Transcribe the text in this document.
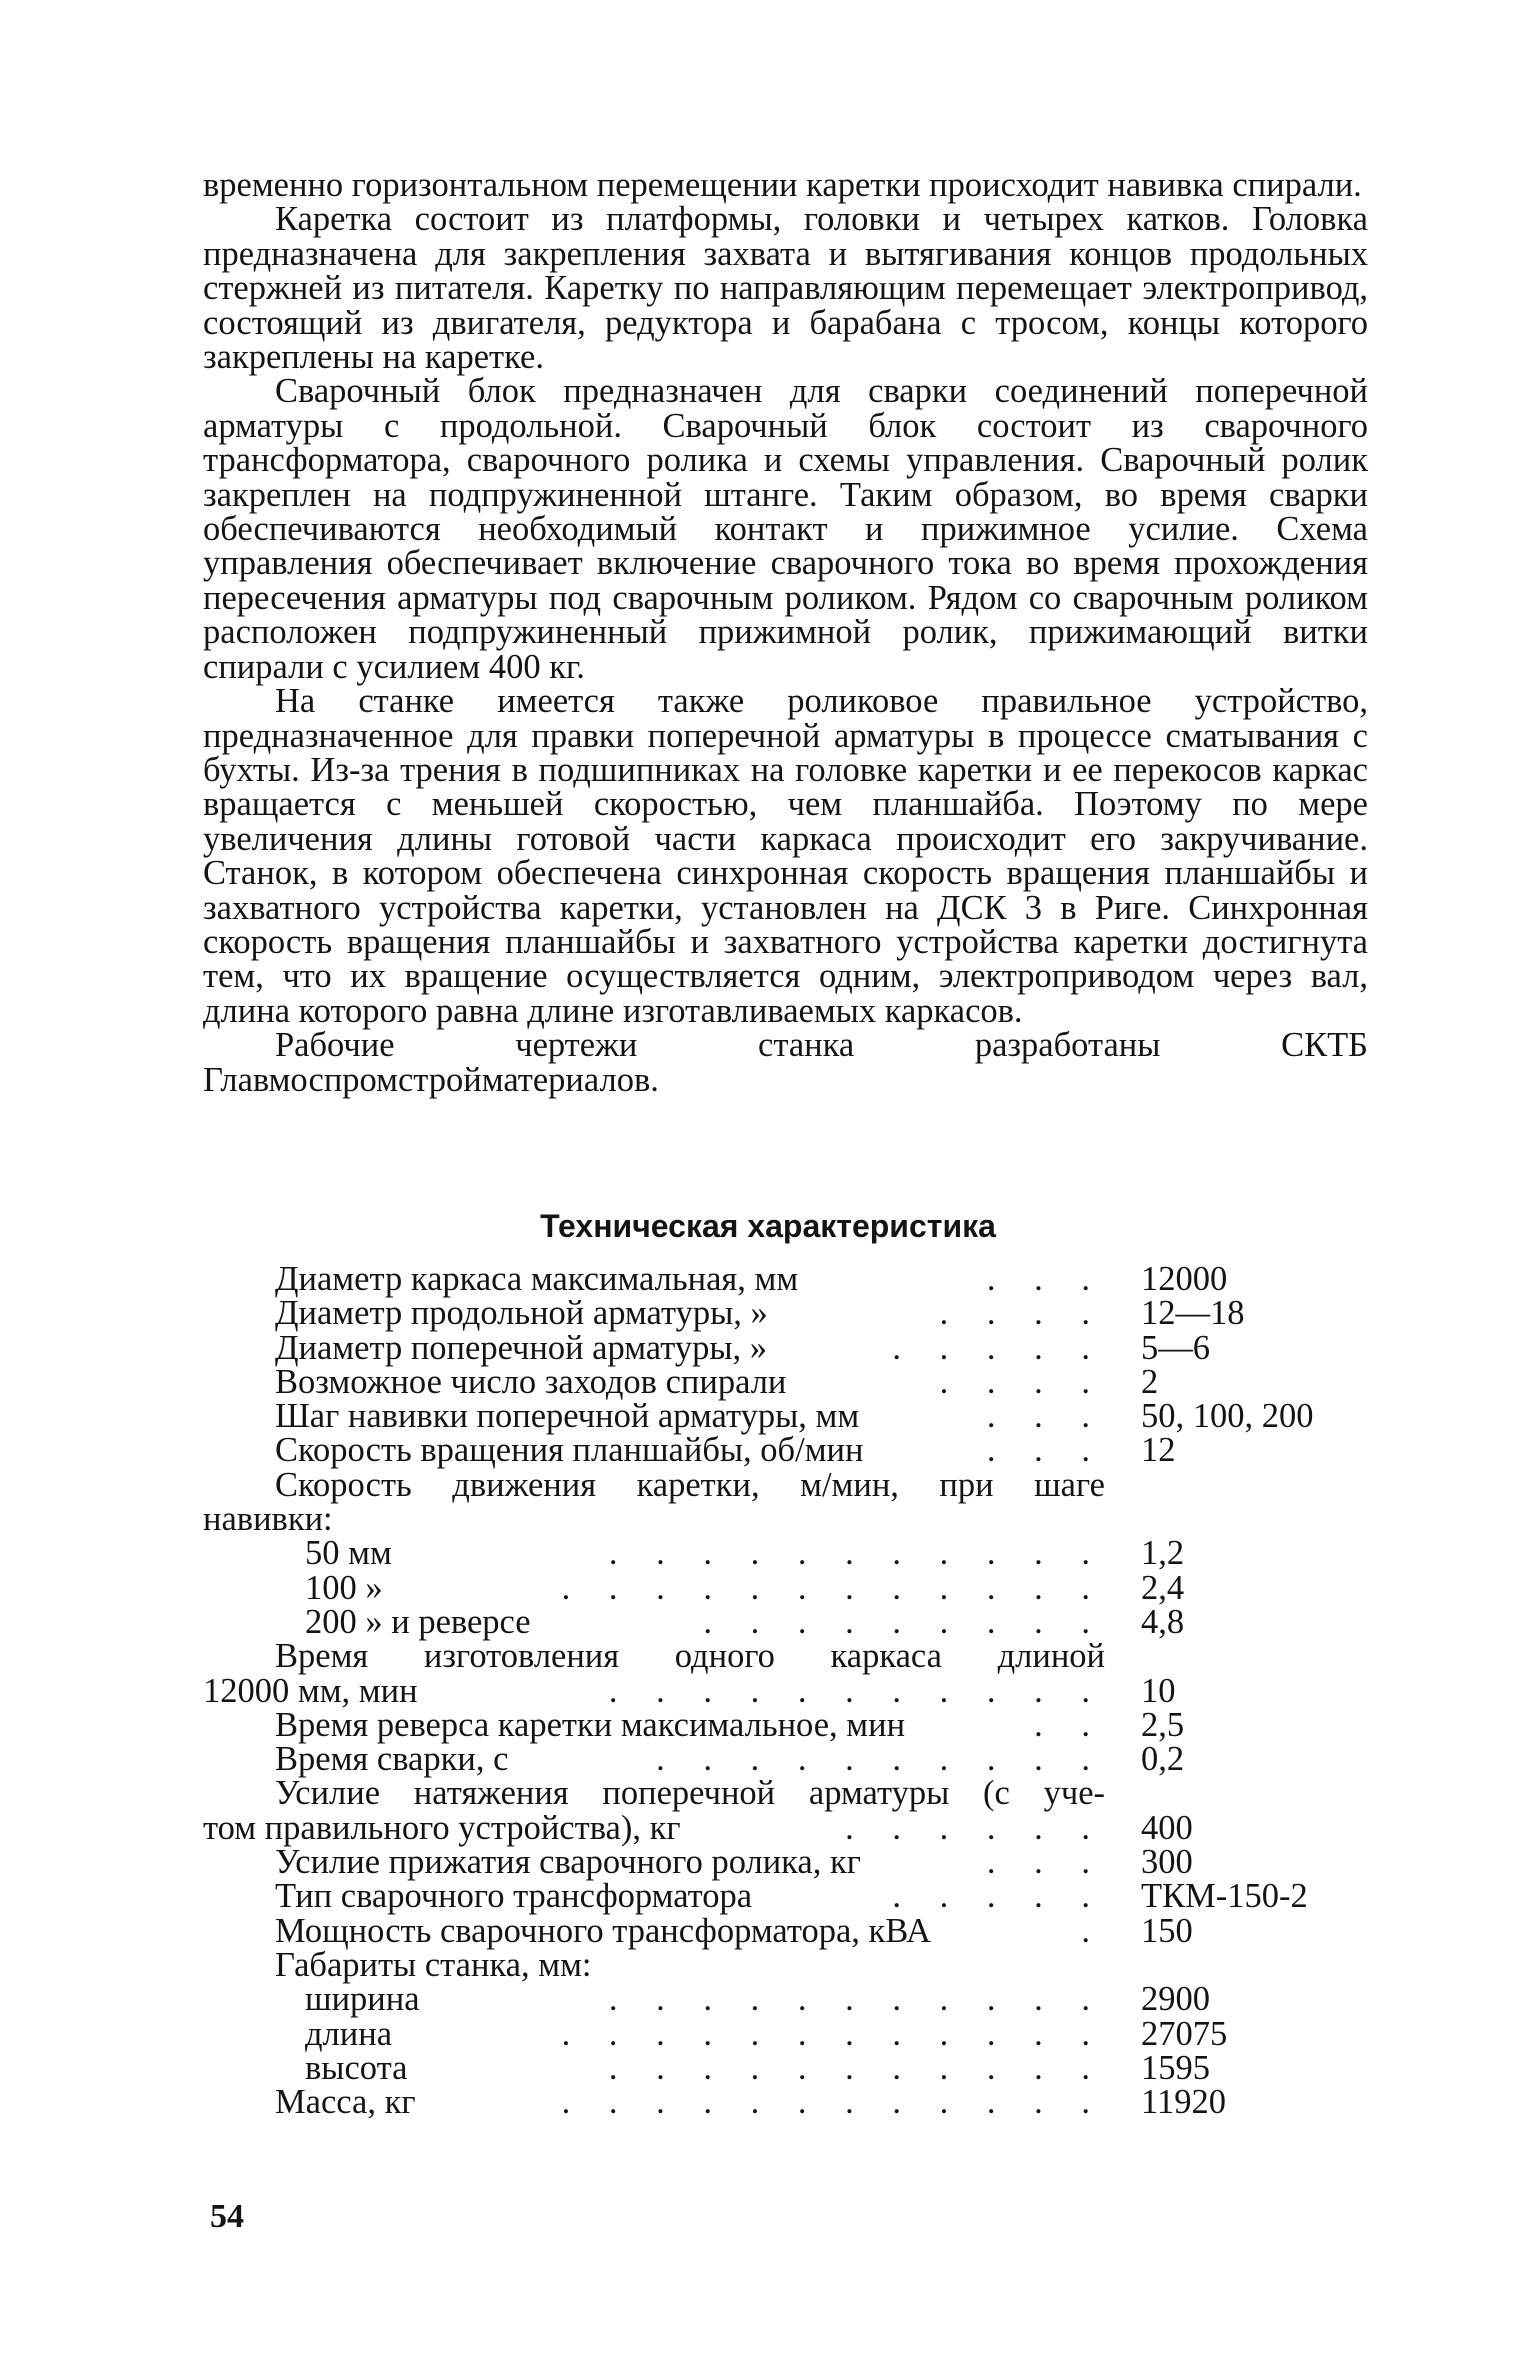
временно горизонтальном перемещении каретки происходит навивка спирали.

Каретка состоит из платформы, головки и четырех катков. Головка предназначена для закрепления захвата и вытягивания концов продольных стержней из питателя. Каретку по направляющим перемещает электропривод, состоящий из двигателя, редуктора и барабана с тросом, концы которого закреплены на каретке.

Сварочный блок предназначен для сварки соединений поперечной арматуры с продольной. Сварочный блок состоит из сварочного трансформатора, сварочного ролика и схемы управления. Сварочный ролик закреплен на подпружиненной штанге. Таким образом, во время сварки обеспечиваются необходимый контакт и прижимное усилие. Схема управления обеспечивает включение сварочного тока во время прохождения пересечения арматуры под сварочным роликом. Рядом со сварочным роликом расположен подпружиненный прижимной ролик, прижимающий витки спирали с усилием 400 кг.

На станке имеется также роликовое правильное устройство, предназначенное для правки поперечной арматуры в процессе сматывания с бухты. Из-за трения в подшипниках на головке каретки и ее перекосов каркас вращается с меньшей скоростью, чем планшайба. Поэтому по мере увеличения длины готовой части каркаса происходит его закручивание. Станок, в котором обеспечена синхронная скорость вращения планшайбы и захватного устройства каретки, установлен на ДСК 3 в Риге. Синхронная скорость вращения планшайбы и захватного устройства каретки достигнута тем, что их вращение осуществляется одним, электроприводом через вал, длина которого равна длине изготавливаемых каркасов.

Рабочие чертежи станка разработаны СКТБ Главмоспромстройматериалов.

Техническая характеристика
. . .
Диаметр каркаса максимальная, мм	12000
. . . .
Диаметр продольной арматуры, »	12—18
. . . . .
Диаметр поперечной арматуры, »	5—6
. . . .
Возможное число заходов спирали	2
. . .
Шаг навивки поперечной арматуры, мм	50, 100, 200
. . .
Скорость вращения планшайбы, об/мин	12
Скорость движения каретки, м/мин, при шаге
навивки:
. . . . . . . . . . .
50 мм	1,2
. . . . . . . . . . . .
100 »	2,4
. . . . . . . . .
200 » и реверсе	4,8
Время изготовления одного каркаса длиной
. . . . . . . . . . .
12000 мм, мин	10
. .
Время реверса каретки максимальное, мин	2,5
. . . . . . . . . .
Время сварки, с	0,2
Усилие натяжения поперечной арматуры (с уче-
. . . . . .
том правильного устройства), кг	400
. . .
Усилие прижатия сварочного ролика, кг	300
. . . . .
Тип сварочного трансформатора	ТКМ-150-2
.
Мощность сварочного трансформатора, кВА	150
Габариты станка, мм:
. . . . . . . . . . .
ширина	2900
. . . . . . . . . . . .
длина	27075
. . . . . . . . . . .
высота	1595
. . . . . . . . . . . .
Масса, кг	11920
54
